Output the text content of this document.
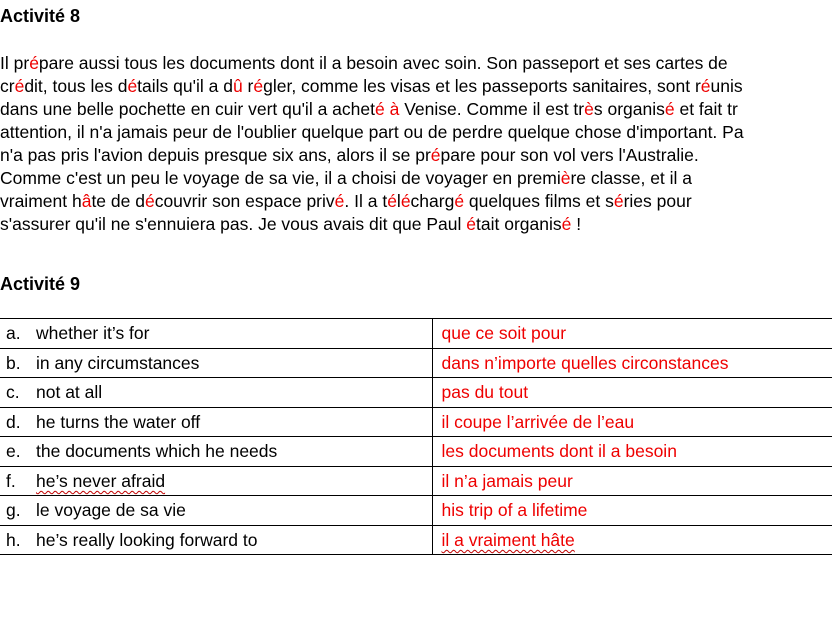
Activité 8
Il prépare aussi tous les documents dont il a besoin avec soin. Son passeport et ses cartes de
crédit, tous les détails qu'il a dû régler, comme les visas et les passeports sanitaires, sont réunis
dans une belle pochette en cuir vert qu'il a acheté à Venise. Comme il est très organisé et fait tr
attention, il n'a jamais peur de l'oublier quelque part ou de perdre quelque chose d'important. Pa
n'a pas pris l'avion depuis presque six ans, alors il se prépare pour son vol vers l'Australie.
Comme c'est un peu le voyage de sa vie, il a choisi de voyager en première classe, et il a
vraiment hâte de découvrir son espace privé. Il a téléchargé quelques films et séries pour
s'assurer qu'il ne s'ennuiera pas. Je vous avais dit que Paul était organisé !
Activité 9
a. whether it’s for	que ce soit pour
b. in any circumstances	dans n’importe quelles circonstances
c. not at all	pas du tout
d. he turns the water off	il coupe l’arrivée de l’eau
e. the documents which he needs	les documents dont il a besoin
f. he’s never afraid	il n’a jamais peur
g. le voyage de sa vie	his trip of a lifetime
h. he’s really looking forward to	il a vraiment hâte
